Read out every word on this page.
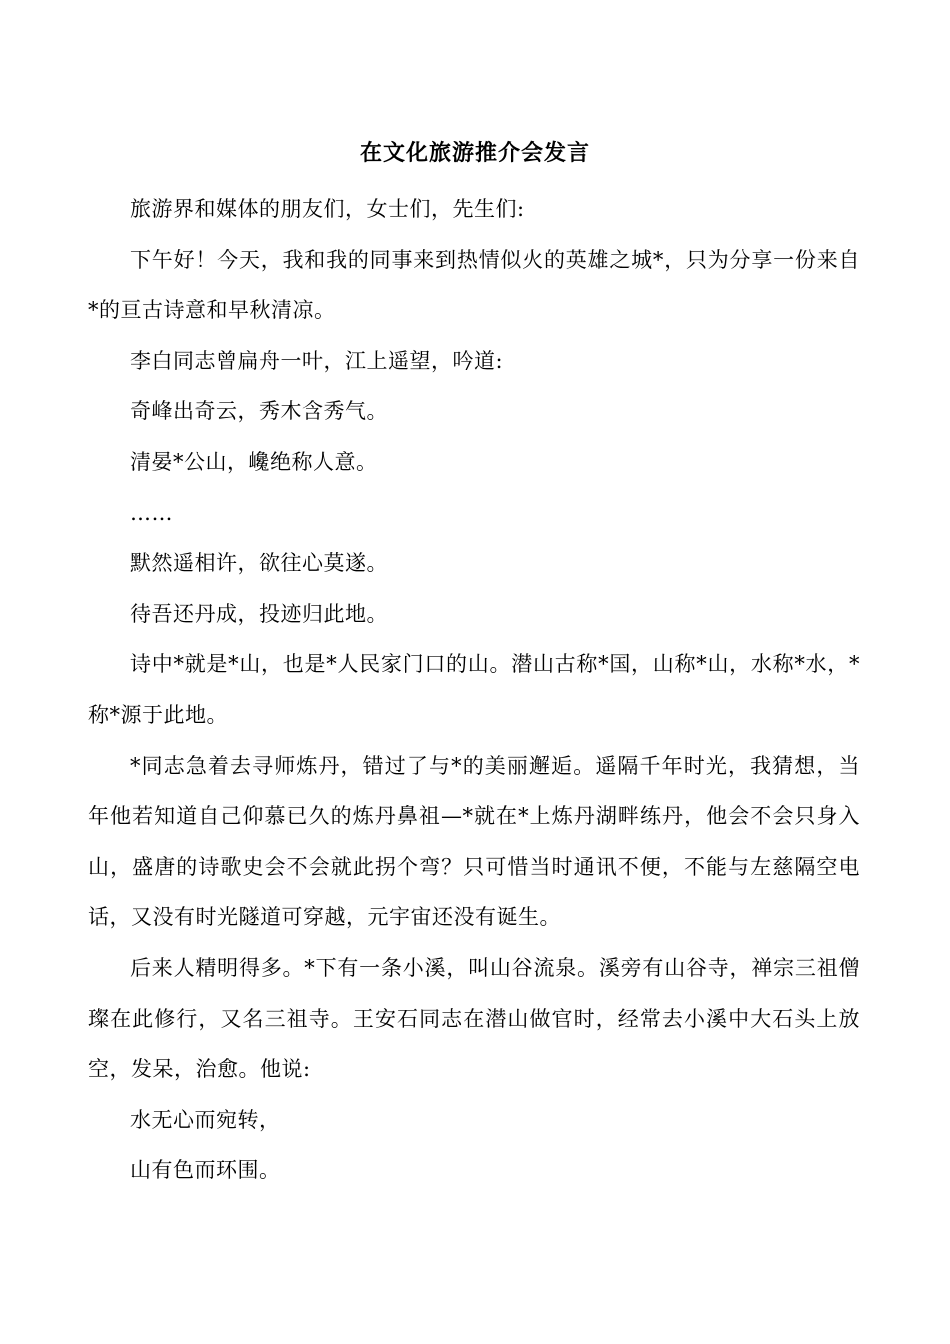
在文化旅游推介会发言

旅游界和媒体的朋友们，女士们，先生们:

下午好！今天，我和我的同事来到热情似火的英雄之城*，只为分享一份来自*的亘古诗意和早秋清凉。

李白同志曾扁舟一叶，江上遥望，吟道:

奇峰出奇云，秀木含秀气。

清晏*公山，巉绝称人意。

……

默然遥相许，欲往心莫遂。

待吾还丹成，投迹归此地。

诗中*就是*山，也是*人民家门口的山。潜山古称*国，山称*山，水称*水，*称*源于此地。

*同志急着去寻师炼丹，错过了与*的美丽邂逅。遥隔千年时光，我猜想，当年他若知道自己仰慕已久的炼丹鼻祖—*就在*上炼丹湖畔练丹，他会不会只身入山，盛唐的诗歌史会不会就此拐个弯？只可惜当时通讯不便，不能与左慈隔空电话，又没有时光隧道可穿越，元宇宙还没有诞生。

后来人精明得多。*下有一条小溪，叫山谷流泉。溪旁有山谷寺，禅宗三祖僧璨在此修行，又名三祖寺。王安石同志在潜山做官时，经常去小溪中大石头上放空，发呆，治愈。他说:

水无心而宛转，

山有色而环围。
